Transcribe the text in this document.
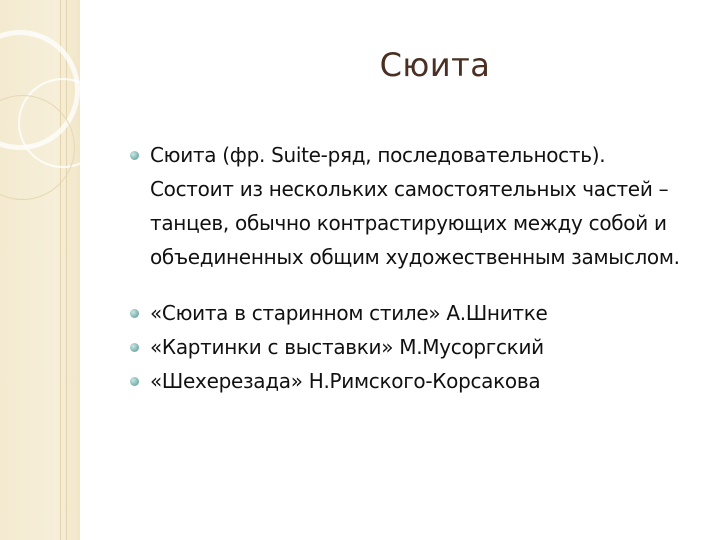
Сюита
Сюита (фр. Suite-ряд, последовательность). Состоит из нескольких самостоятельных частей – танцев, обычно контрастирующих между собой и объединенных общим художественным замыслом.
«Сюита в старинном стиле» А.Шнитке
«Картинки с выставки» М.Мусоргский
«Шехерезада» Н.Римского-Корсакова
